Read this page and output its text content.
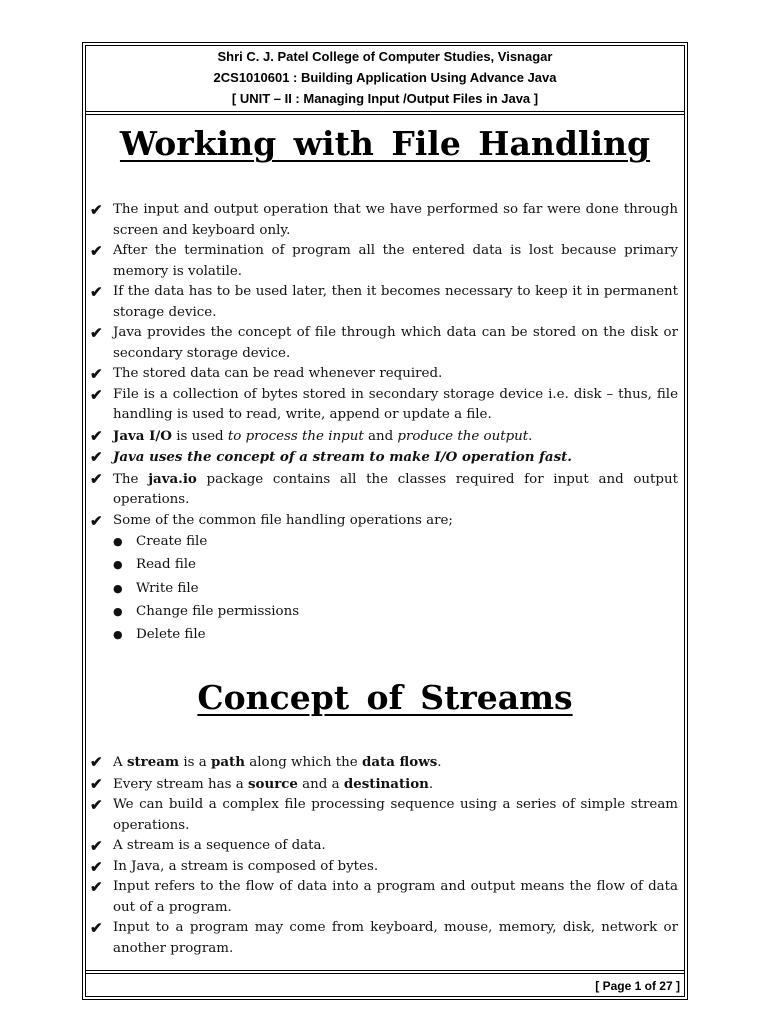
Shri C. J. Patel College of Computer Studies, Visnagar
2CS1010601 : Building Application Using Advance Java
[ UNIT – II : Managing Input /Output Files in Java ]
Working with File Handling
✔ The input and output operation that we have performed so far were done through screen and keyboard only.
✔ After the termination of program all the entered data is lost because primary memory is volatile.
✔ If the data has to be used later, then it becomes necessary to keep it in permanent storage device.
✔ Java provides the concept of file through which data can be stored on the disk or secondary storage device.
✔ The stored data can be read whenever required.
✔ File is a collection of bytes stored in secondary storage device i.e. disk – thus, file handling is used to read, write, append or update a file.
✔ Java I/O is used to process the input and produce the output.
✔ Java uses the concept of a stream to make I/O operation fast.
✔ The java.io package contains all the classes required for input and output operations.
✔ Some of the common file handling operations are;
● Create file
● Read file
● Write file
● Change file permissions
● Delete file
Concept of Streams
✔ A stream is a path along which the data flows.
✔ Every stream has a source and a destination.
✔ We can build a complex file processing sequence using a series of simple stream operations.
✔ A stream is a sequence of data.
✔ In Java, a stream is composed of bytes.
✔ Input refers to the flow of data into a program and output means the flow of data out of a program.
✔ Input to a program may come from keyboard, mouse, memory, disk, network or another program.
[ Page 1 of 27 ]
